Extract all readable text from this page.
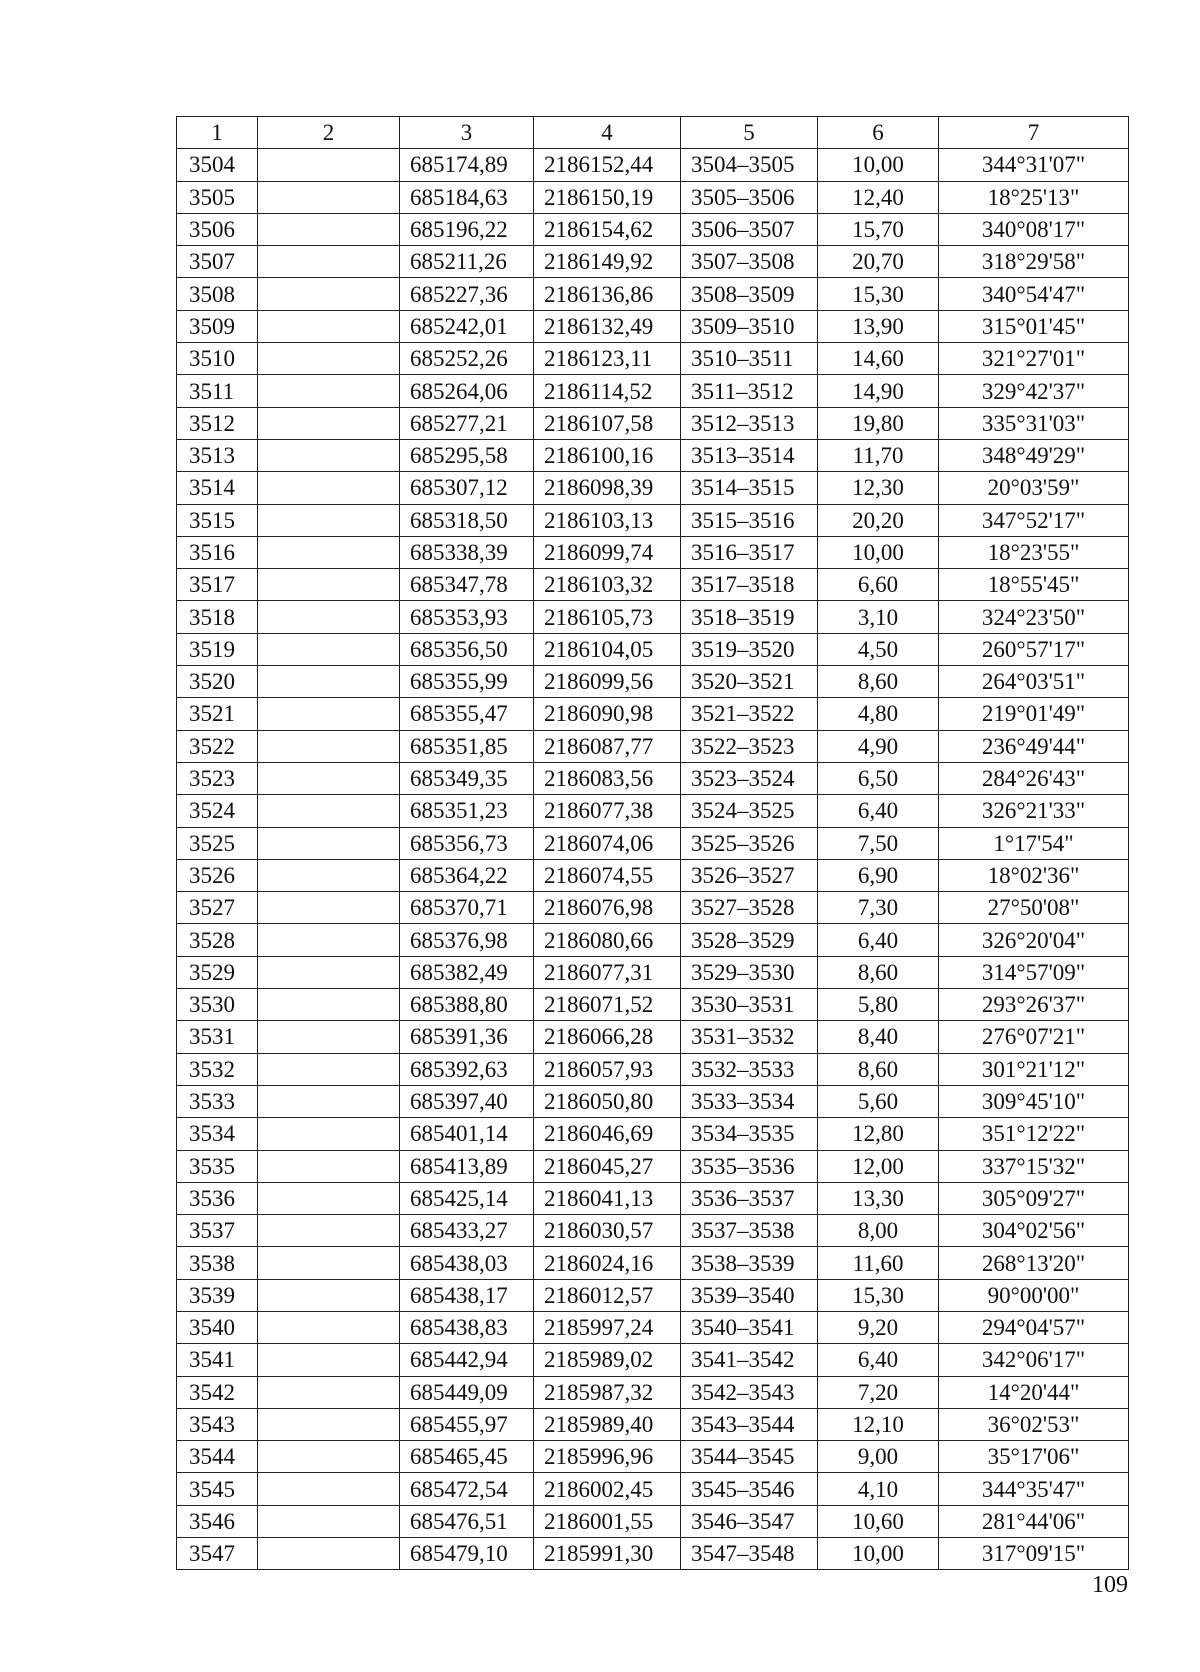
1	2	3	4	5	6	7
3504		685174,89	2186152,44	3504–3505	10,00	344°31'07"
3505		685184,63	2186150,19	3505–3506	12,40	18°25'13"
3506		685196,22	2186154,62	3506–3507	15,70	340°08'17"
3507		685211,26	2186149,92	3507–3508	20,70	318°29'58"
3508		685227,36	2186136,86	3508–3509	15,30	340°54'47"
3509		685242,01	2186132,49	3509–3510	13,90	315°01'45"
3510		685252,26	2186123,11	3510–3511	14,60	321°27'01"
3511		685264,06	2186114,52	3511–3512	14,90	329°42'37"
3512		685277,21	2186107,58	3512–3513	19,80	335°31'03"
3513		685295,58	2186100,16	3513–3514	11,70	348°49'29"
3514		685307,12	2186098,39	3514–3515	12,30	20°03'59"
3515		685318,50	2186103,13	3515–3516	20,20	347°52'17"
3516		685338,39	2186099,74	3516–3517	10,00	18°23'55"
3517		685347,78	2186103,32	3517–3518	6,60	18°55'45"
3518		685353,93	2186105,73	3518–3519	3,10	324°23'50"
3519		685356,50	2186104,05	3519–3520	4,50	260°57'17"
3520		685355,99	2186099,56	3520–3521	8,60	264°03'51"
3521		685355,47	2186090,98	3521–3522	4,80	219°01'49"
3522		685351,85	2186087,77	3522–3523	4,90	236°49'44"
3523		685349,35	2186083,56	3523–3524	6,50	284°26'43"
3524		685351,23	2186077,38	3524–3525	6,40	326°21'33"
3525		685356,73	2186074,06	3525–3526	7,50	1°17'54"
3526		685364,22	2186074,55	3526–3527	6,90	18°02'36"
3527		685370,71	2186076,98	3527–3528	7,30	27°50'08"
3528		685376,98	2186080,66	3528–3529	6,40	326°20'04"
3529		685382,49	2186077,31	3529–3530	8,60	314°57'09"
3530		685388,80	2186071,52	3530–3531	5,80	293°26'37"
3531		685391,36	2186066,28	3531–3532	8,40	276°07'21"
3532		685392,63	2186057,93	3532–3533	8,60	301°21'12"
3533		685397,40	2186050,80	3533–3534	5,60	309°45'10"
3534		685401,14	2186046,69	3534–3535	12,80	351°12'22"
3535		685413,89	2186045,27	3535–3536	12,00	337°15'32"
3536		685425,14	2186041,13	3536–3537	13,30	305°09'27"
3537		685433,27	2186030,57	3537–3538	8,00	304°02'56"
3538		685438,03	2186024,16	3538–3539	11,60	268°13'20"
3539		685438,17	2186012,57	3539–3540	15,30	90°00'00"
3540		685438,83	2185997,24	3540–3541	9,20	294°04'57"
3541		685442,94	2185989,02	3541–3542	6,40	342°06'17"
3542		685449,09	2185987,32	3542–3543	7,20	14°20'44"
3543		685455,97	2185989,40	3543–3544	12,10	36°02'53"
3544		685465,45	2185996,96	3544–3545	9,00	35°17'06"
3545		685472,54	2186002,45	3545–3546	4,10	344°35'47"
3546		685476,51	2186001,55	3546–3547	10,60	281°44'06"
3547		685479,10	2185991,30	3547–3548	10,00	317°09'15"
109
